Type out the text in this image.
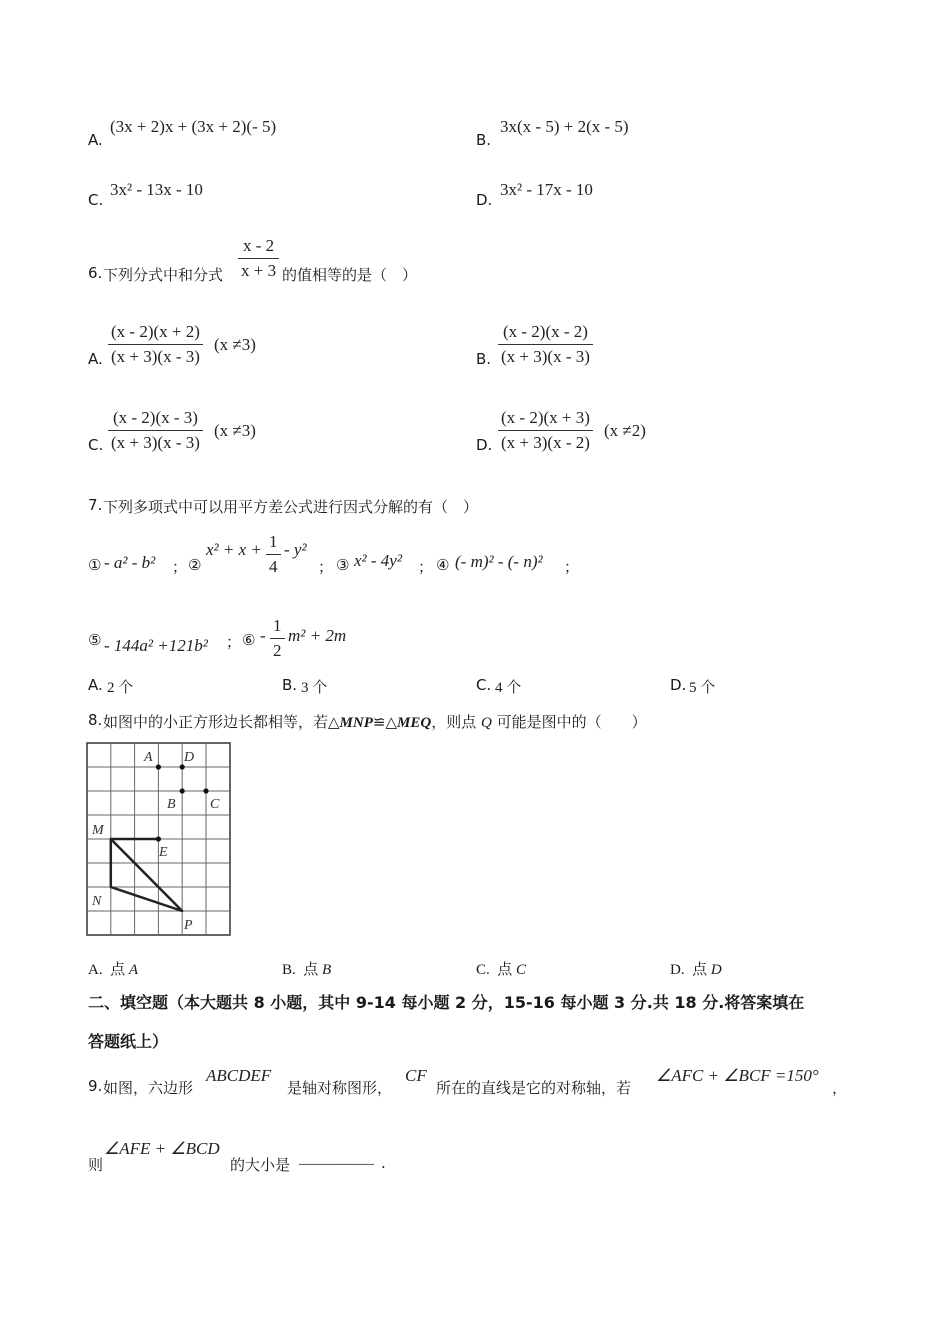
A.
(3x + 2)x + (3x + 2)(- 5)
B.
3x(x - 5) + 2(x - 5)
C.
3x² - 13x - 10
D.
3x² - 17x - 10
6. 下列分式中和分式 $\frac{x - 2}{x + 3}$ 的值相等的是（　）
A. $\frac{(x - 2)(x + 2)}{(x + 3)(x - 3)} (x \ne 3)$
B. $\frac{(x - 2)(x - 2)}{(x + 3)(x - 3)}$
C. $\frac{(x - 2)(x - 3)}{(x + 3)(x - 3)} (x \ne 3)$
D. $\frac{(x - 2)(x + 3)}{(x + 3)(x - 2)} (x \ne 2)$
7. 下列多项式中可以用平方差公式进行因式分解的有（　）
① - a² - b² ； ②
$x^2 + x + \frac{1}{4} - y^2$
； ③ x² - 4y² ； ④ (- m)² - (- n)² ；
⑤ - 144a² +121b² ； ⑥ - $\frac{1}{2} m^2 + 2m$
A. 2 个	B. 3 个	C. 4 个	D. 5 个
8. 如图中的小正方形边长都相等，若△MNP≌△MEQ，则点 Q 可能是图中的（　　）
A D
B C
M
E
N
P
A. 点 A	B. 点 B	C. 点 C	D. 点 D
二、填空题（本大题共 8 小题，其中 9-14 每小题 2 分，15-16 每小题 3 分.共 18 分.将答案填在
答题纸上）
9. 如图，六边形
ABCDEF
是轴对称图形，
CF
所在的直线是它的对称轴，若
∠AFC + ∠BCF =150°
，
则
∠AFE + ∠BCD
的大小是 __________ .
